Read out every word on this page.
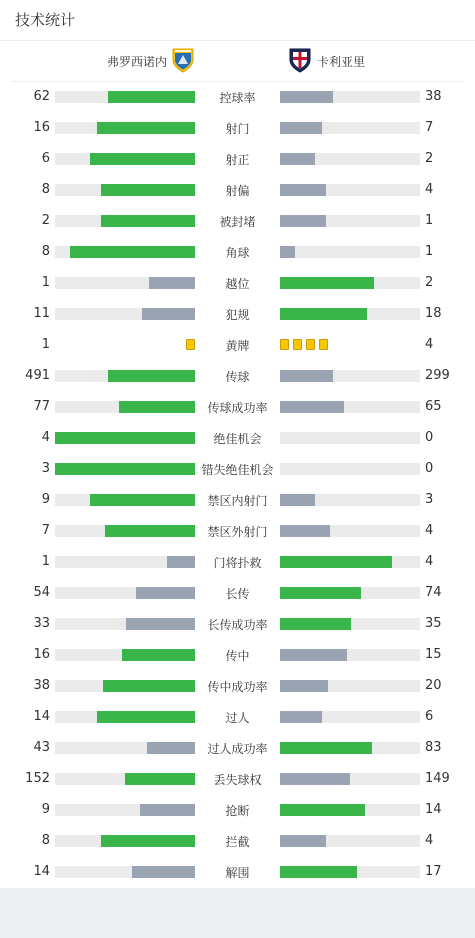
技术统计
弗罗西诺内	卡利亚里
62	控球率	38
16	射门	7
6	射正	2
8	射偏	4
2	被封堵	1
8	角球	1
1	越位	2
11	犯规	18
1	黄牌	4
491	传球	299
77	传球成功率	65
4	绝佳机会	0
3	错失绝佳机会	0
9	禁区内射门	3
7	禁区外射门	4
1	门将扑救	4
54	长传	74
33	长传成功率	35
16	传中	15
38	传中成功率	20
14	过人	6
43	过人成功率	83
152	丢失球权	149
9	抢断	14
8	拦截	4
14	解围	17
